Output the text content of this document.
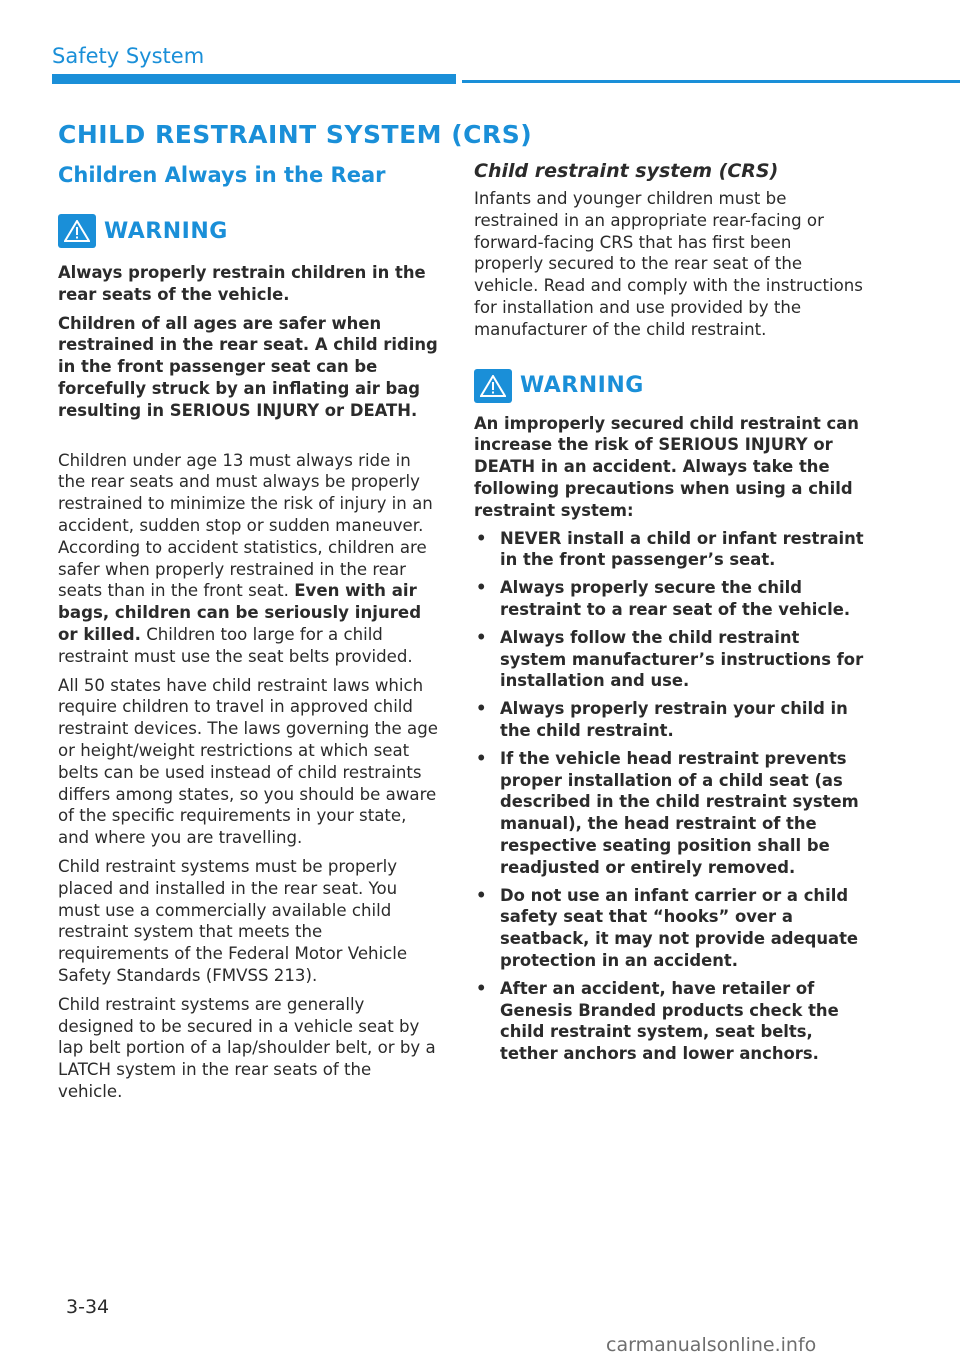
Safety System
CHILD RESTRAINT SYSTEM (CRS)
Children Always in the Rear
WARNING

Always properly restrain children in the rear seats of the vehicle.

Children of all ages are safer when restrained in the rear seat. A child riding in the front passenger seat can be forcefully struck by an inflating air bag resulting in SERIOUS INJURY or DEATH.

Children under age 13 must always ride in the rear seats and must always be properly restrained to minimize the risk of injury in an accident, sudden stop or sudden maneuver. According to accident statistics, children are safer when properly restrained in the rear seats than in the front seat. Even with air bags, children can be seriously injured or killed. Children too large for a child restraint must use the seat belts provided.

All 50 states have child restraint laws which require children to travel in approved child restraint devices. The laws governing the age or height/weight restrictions at which seat belts can be used instead of child restraints differs among states, so you should be aware of the specific requirements in your state, and where you are travelling.

Child restraint systems must be properly placed and installed in the rear seat. You must use a commercially available child restraint system that meets the requirements of the Federal Motor Vehicle Safety Standards (FMVSS 213).

Child restraint systems are generally designed to be secured in a vehicle seat by lap belt portion of a lap/shoulder belt, or by a LATCH system in the rear seats of the vehicle.

Child restraint system (CRS)

Infants and younger children must be restrained in an appropriate rear-facing or forward-facing CRS that has first been properly secured to the rear seat of the vehicle. Read and comply with the instructions for installation and use provided by the manufacturer of the child restraint.

WARNING

An improperly secured child restraint can increase the risk of SERIOUS INJURY or DEATH in an accident. Always take the following precautions when using a child restraint system:

• NEVER install a child or infant restraint in the front passenger’s seat.
• Always properly secure the child restraint to a rear seat of the vehicle.
• Always follow the child restraint system manufacturer’s instructions for installation and use.
• Always properly restrain your child in the child restraint.
• If the vehicle head restraint prevents proper installation of a child seat (as described in the child restraint system manual), the head restraint of the respective seating position shall be readjusted or entirely removed.
• Do not use an infant carrier or a child safety seat that “hooks” over a seatback, it may not provide adequate protection in an accident.
• After an accident, have retailer of Genesis Branded products check the child restraint system, seat belts, tether anchors and lower anchors.
3-34
carmanualsonline.info
